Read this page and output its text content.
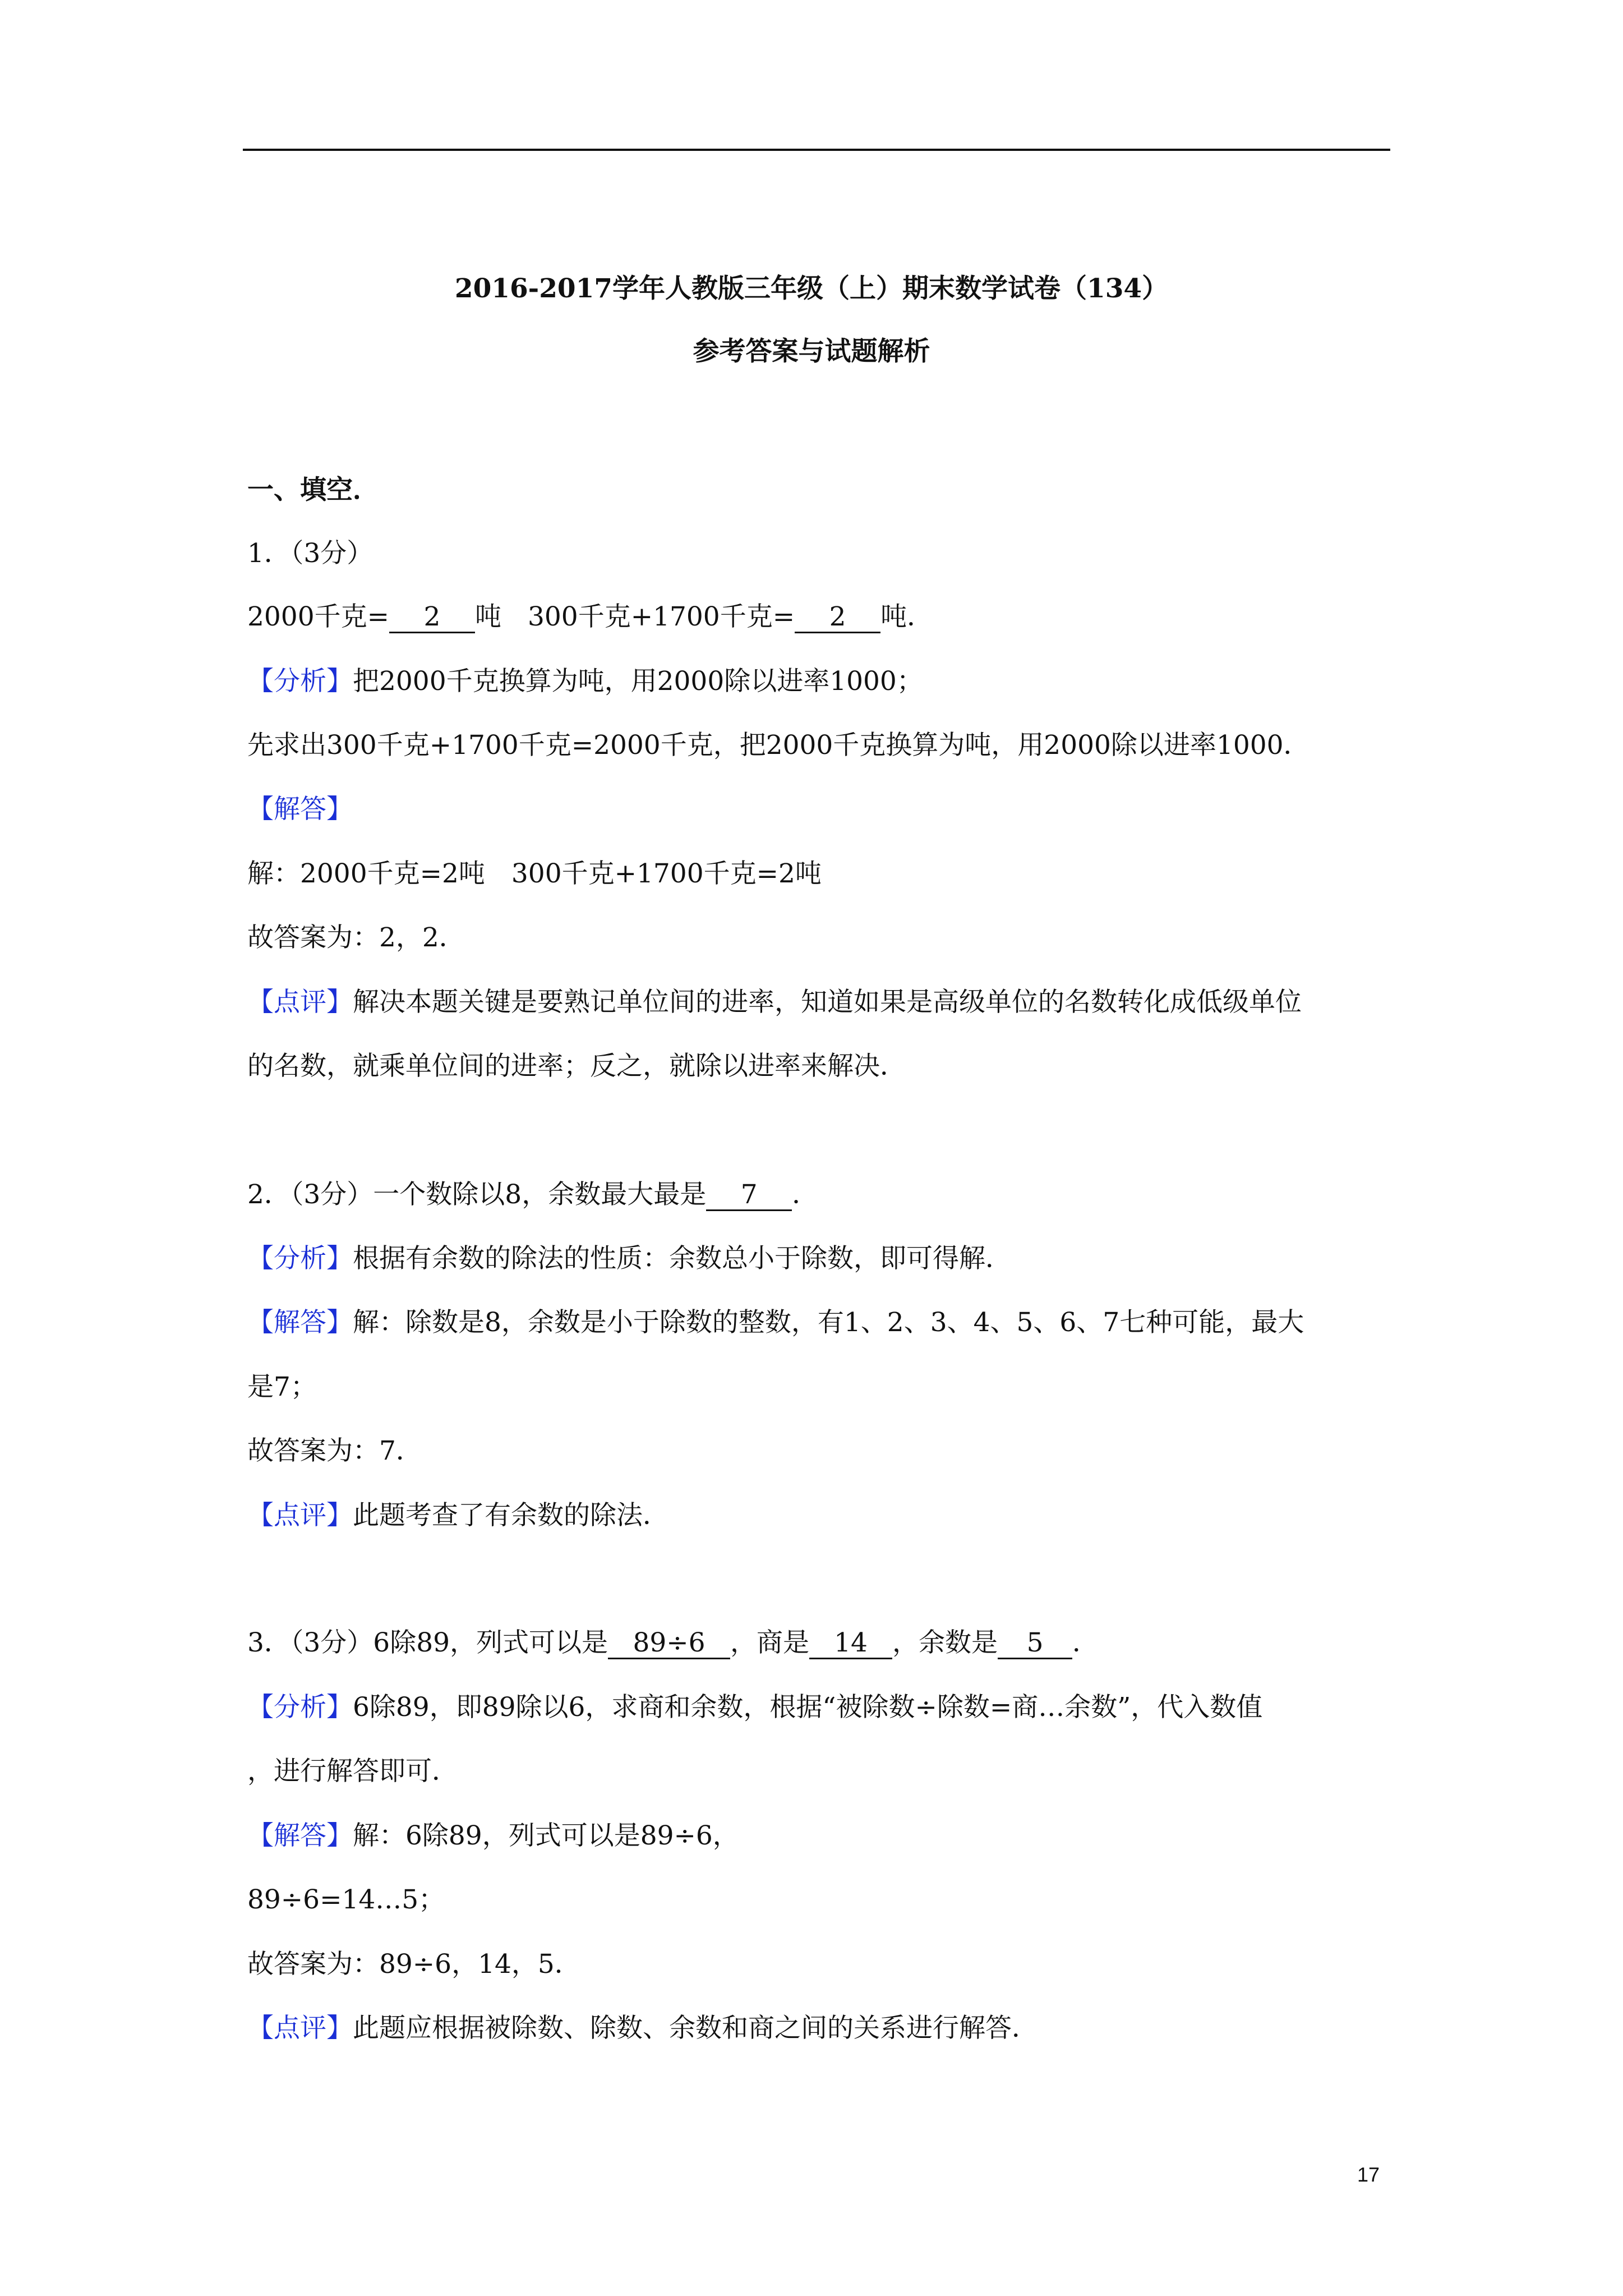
2016-2017学年人教版三年级（上）期末数学试卷（134）
参考答案与试题解析
一、填空．
1．（3分）
2000千克= 2 吨　300千克+1700千克= 2 吨．
【分析】把2000千克换算为吨，用2000除以进率1000；
先求出300千克+1700千克=2000千克，把2000千克换算为吨，用2000除以进率1000．
【解答】
解：2000千克=2吨　300千克+1700千克=2吨
故答案为：2，2．
【点评】解决本题关键是要熟记单位间的进率，知道如果是高级单位的名数转化成低级单位
的名数，就乘单位间的进率；反之，就除以进率来解决．
2．（3分）一个数除以8，余数最大最是 7 ．
【分析】根据有余数的除法的性质：余数总小于除数，即可得解．
【解答】解：除数是8，余数是小于除数的整数，有1、2、3、4、5、6、7七种可能，最大
是7；
故答案为：7．
【点评】此题考查了有余数的除法．
3．（3分）6除89，列式可以是 89÷6 ，商是 14 ，余数是 5 ．
【分析】6除89，即89除以6，求商和余数，根据“被除数÷除数=商…余数”，代入数值
，进行解答即可．
【解答】解：6除89，列式可以是89÷6，
89÷6=14…5；
故答案为：89÷6，14，5．
【点评】此题应根据被除数、除数、余数和商之间的关系进行解答．
17
